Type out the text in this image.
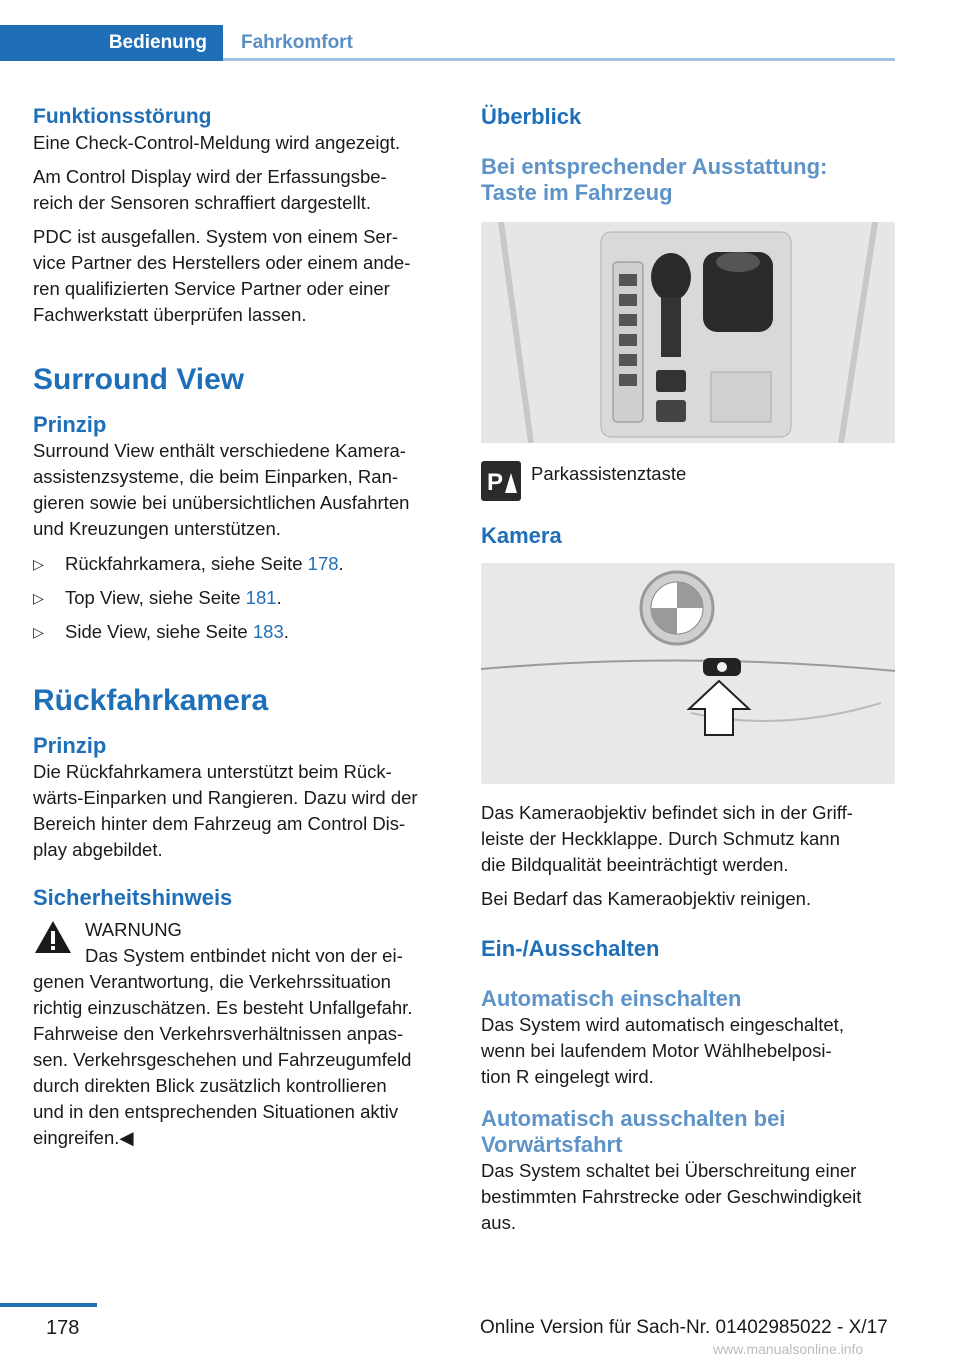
Bedienung Fahrkomfort
Funktionsstörung

Eine Check-Control-Meldung wird angezeigt.

Am Control Display wird der Erfassungsbe-

reich der Sensoren schraffiert dargestellt.

PDC ist ausgefallen. System von einem Ser-

vice Partner des Herstellers oder einem ande-

ren qualifizierten Service Partner oder einer

Fachwerkstatt überprüfen lassen.

Surround View
Prinzip

Surround View enthält verschiedene Kamera-

assistenzsysteme, die beim Einparken, Ran-

gieren sowie bei unübersichtlichen Ausfahrten

und Kreuzungen unterstützen.

▷ Rückfahrkamera, siehe Seite 178.
▷ Top View, siehe Seite 181.
▷ Side View, siehe Seite 183.
Rückfahrkamera
Prinzip

Die Rückfahrkamera unterstützt beim Rück-

wärts-Einparken und Rangieren. Dazu wird der

Bereich hinter dem Fahrzeug am Control Dis-

play abgebildet.

Sicherheitshinweis

WARNUNG

Das System entbindet nicht von der ei-

genen Verantwortung, die Verkehrssituation

richtig einzuschätzen. Es besteht Unfallgefahr.

Fahrweise den Verkehrsverhältnissen anpas-

sen. Verkehrsgeschehen und Fahrzeugumfeld

durch direkten Blick zusätzlich kontrollieren

und in den entsprechenden Situationen aktiv

eingreifen.◀

Überblick
Bei entsprechender Ausstattung:
Taste im Fahrzeug
P Parkassistenztaste

Kamera

Das Kameraobjektiv befindet sich in der Griff-

leiste der Heckklappe. Durch Schmutz kann

die Bildqualität beeinträchtigt werden.

Bei Bedarf das Kameraobjektiv reinigen.

Ein-/Ausschalten
Automatisch einschalten

Das System wird automatisch eingeschaltet,

wenn bei laufendem Motor Wählhebelposi-

tion R eingelegt wird.

Automatisch ausschalten bei
Vorwärtsfahrt

Das System schaltet bei Überschreitung einer

bestimmten Fahrstrecke oder Geschwindigkeit

aus.

178	Online Version für Sach-Nr. 01402985022 - X/17
www.manualsonline.info
